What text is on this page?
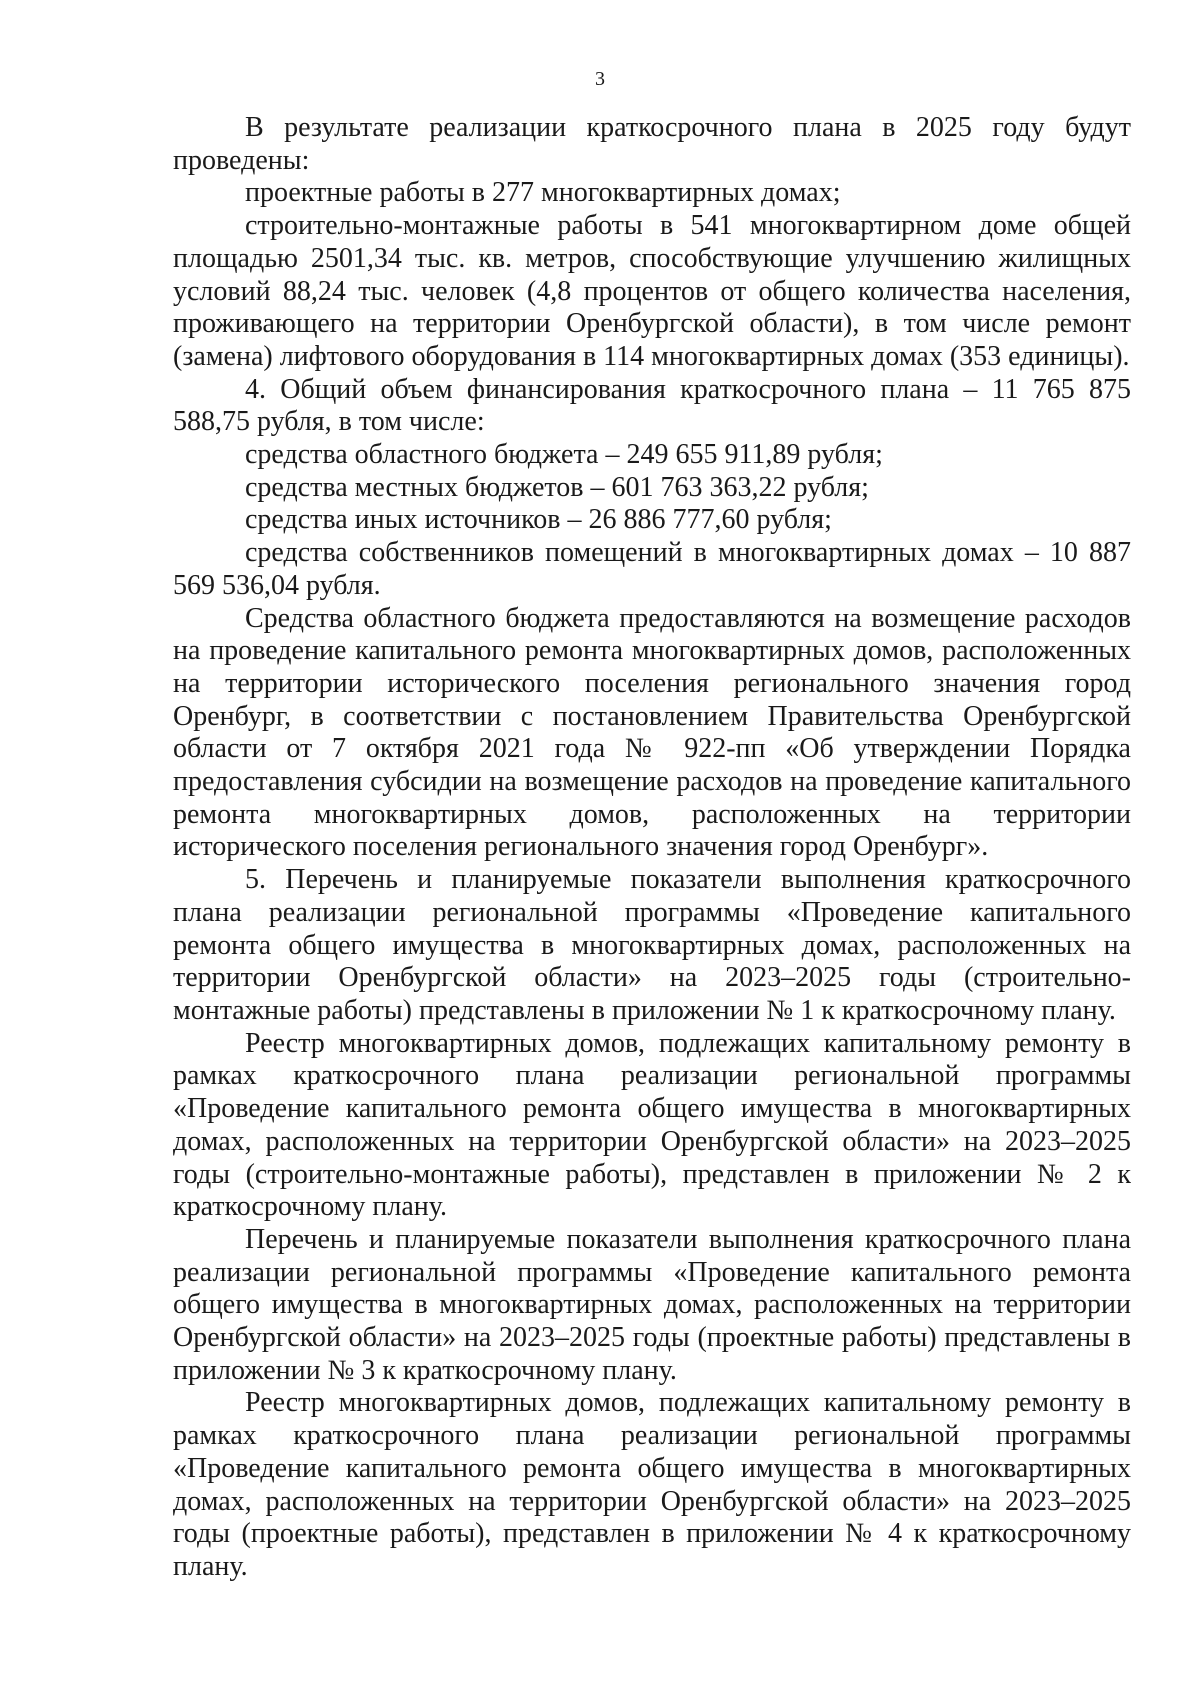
3

В результате реализации краткосрочного плана в 2025 году будут проведены:

проектные работы в 277 многоквартирных домах;

строительно-монтажные работы в 541 многоквартирном доме общей площадью 2501,34 тыс. кв. метров, способствующие улучшению жилищных условий 88,24 тыс. человек (4,8 процентов от общего количества населения, проживающего на территории Оренбургской области), в том числе ремонт (замена) лифтового оборудования в 114 многоквартирных домах (353 единицы).

4. Общий объем финансирования краткосрочного плана – 11 765 875 588,75 рубля, в том числе:

средства областного бюджета – 249 655 911,89 рубля;

средства местных бюджетов – 601 763 363,22 рубля;

средства иных источников – 26 886 777,60 рубля;

средства собственников помещений в многоквартирных домах – 10 887 569 536,04 рубля.

Средства областного бюджета предоставляются на возмещение расходов на проведение капитального ремонта многоквартирных домов, расположенных на территории исторического поселения регионального значения город Оренбург, в соответствии с постановлением Правительства Оренбургской области от 7 октября 2021 года № 922-пп «Об утверждении Порядка предоставления субсидии на возмещение расходов на проведение капитального ремонта многоквартирных домов, расположенных на территории исторического поселения регионального значения город Оренбург».

5. Перечень и планируемые показатели выполнения краткосрочного плана реализации региональной программы «Проведение капитального ремонта общего имущества в многоквартирных домах, расположенных на территории Оренбургской области» на 2023–2025 годы (строительно-монтажные работы) представлены в приложении № 1 к краткосрочному плану.

Реестр многоквартирных домов, подлежащих капитальному ремонту в рамках краткосрочного плана реализации региональной программы «Проведение капитального ремонта общего имущества в многоквартирных домах, расположенных на территории Оренбургской области» на 2023–2025 годы (строительно-монтажные работы), представлен в приложении № 2 к краткосрочному плану.

Перечень и планируемые показатели выполнения краткосрочного плана реализации региональной программы «Проведение капитального ремонта общего имущества в многоквартирных домах, расположенных на территории Оренбургской области» на 2023–2025 годы (проектные работы) представлены в приложении № 3 к краткосрочному плану.

Реестр многоквартирных домов, подлежащих капитальному ремонту в рамках краткосрочного плана реализации региональной программы «Проведение капитального ремонта общего имущества в многоквартирных домах, расположенных на территории Оренбургской области» на 2023–2025 годы (проектные работы), представлен в приложении № 4 к краткосрочному плану.
